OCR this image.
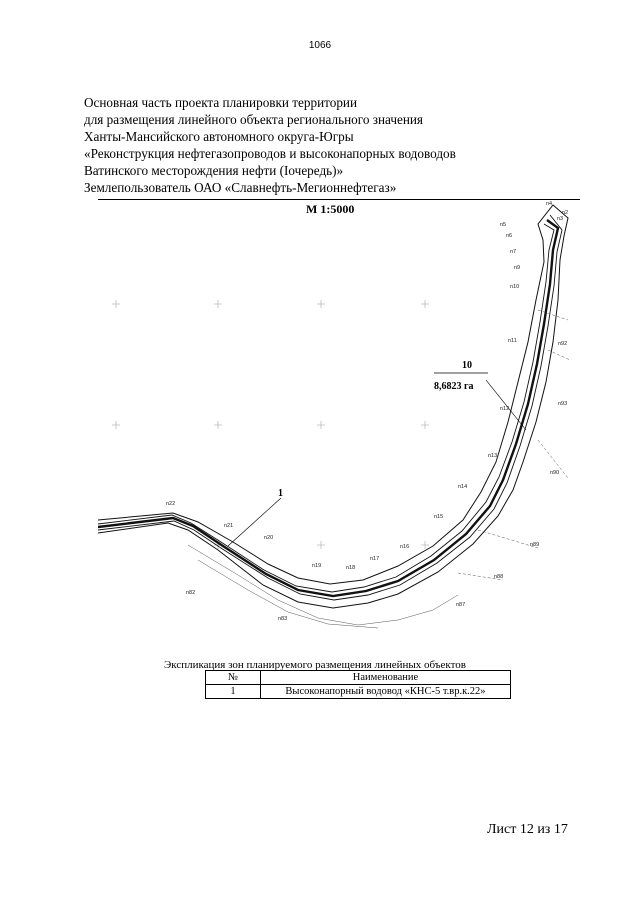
1066
Основная часть проекта планировки территории
для размещения линейного объекта регионального значения
Ханты-Мансийского автономного округа-Югры
«Реконструкция нефтегазопроводов и высоконапорных водоводов
Ватинского месторождения нефти (Iочередь)»
Землепользователь ОАО «Славнефть-Мегионнефтегаз»
М 1:5000
n5
n6
n7
n9
n10
n11
n12
n13
n14
n15
n16
n17
n18
n19
n20
n21
n22
n4
n2
n3
n90
n89
n88
n87
n82
n83
n93
n92
10
8,6823 га
1
Экспликация зон планируемого размещения линейных объектов
№	Наименование
1	Высоконапорный водовод «КНС-5 т.вр.к.22»
Лист 12 из 17
